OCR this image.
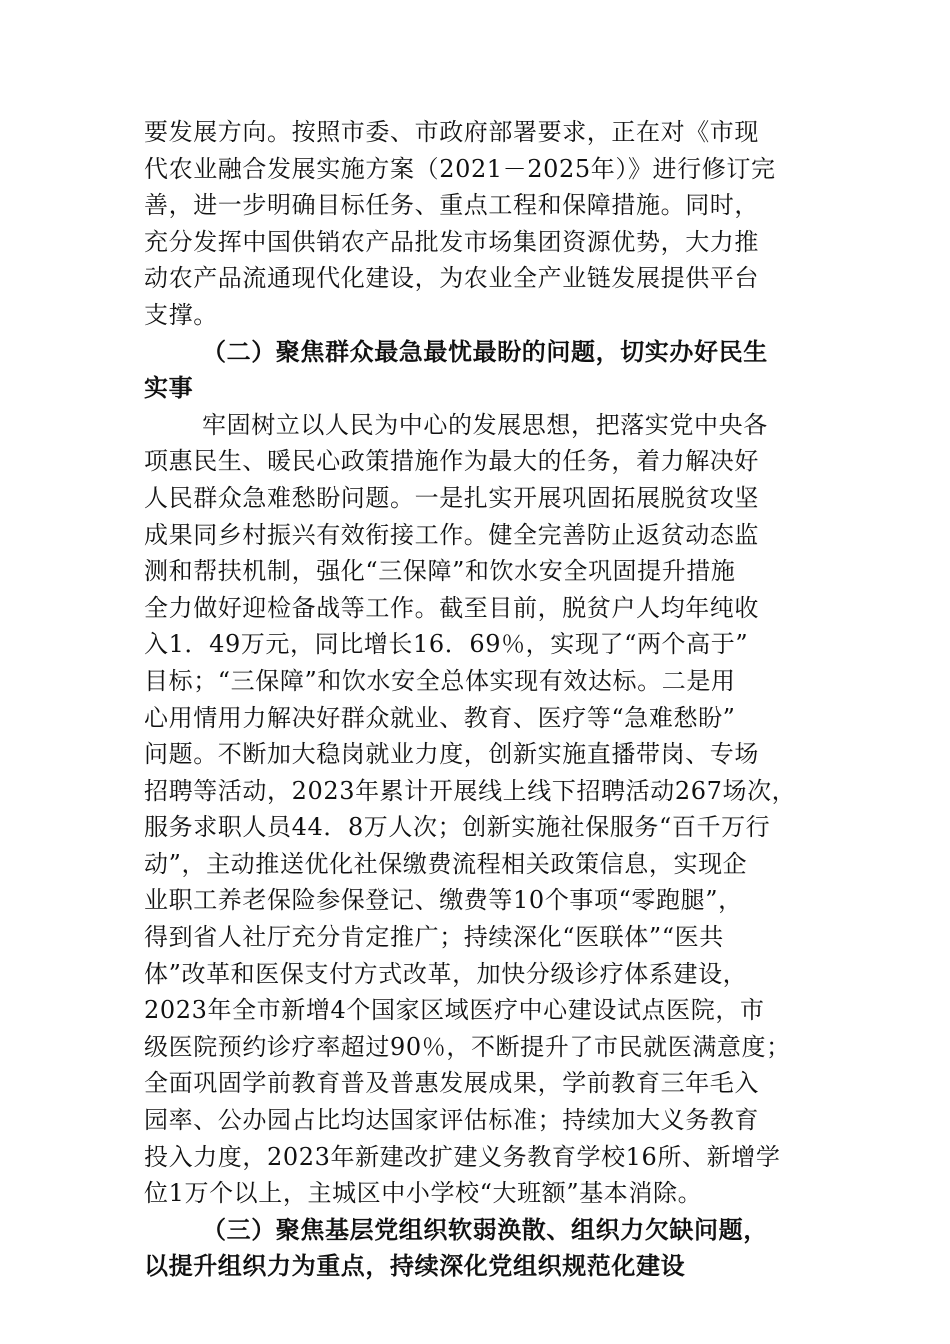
要发展方向。按照市委、市政府部署要求，正在对《市现
代农业融合发展实施方案（2021－2025年）》进行修订完
善，进一步明确目标任务、重点工程和保障措施。同时，
充分发挥中国供销农产品批发市场集团资源优势，大力推
动农产品流通现代化建设，为农业全产业链发展提供平台
支撑。
（二）聚焦群众最急最忧最盼的问题，切实办好民生
实事
牢固树立以人民为中心的发展思想，把落实党中央各
项惠民生、暖民心政策措施作为最大的任务，着力解决好
人民群众急难愁盼问题。一是扎实开展巩固拓展脱贫攻坚
成果同乡村振兴有效衔接工作。健全完善防止返贫动态监
测和帮扶机制，强化“三保障”和饮水安全巩固提升措施
全力做好迎检备战等工作。截至目前，脱贫户人均年纯收
入1．49万元，同比增长16．69％，实现了“两个高于”
目标；“三保障”和饮水安全总体实现有效达标。二是用
心用情用力解决好群众就业、教育、医疗等“急难愁盼”
问题。不断加大稳岗就业力度，创新实施直播带岗、专场
招聘等活动，2023年累计开展线上线下招聘活动267场次，
服务求职人员44．8万人次；创新实施社保服务“百千万行
动”，主动推送优化社保缴费流程相关政策信息，实现企
业职工养老保险参保登记、缴费等10个事项“零跑腿”，
得到省人社厅充分肯定推广；持续深化“医联体”“医共
体”改革和医保支付方式改革，加快分级诊疗体系建设，
2023年全市新增4个国家区域医疗中心建设试点医院，市
级医院预约诊疗率超过90％，不断提升了市民就医满意度；
全面巩固学前教育普及普惠发展成果，学前教育三年毛入
园率、公办园占比均达国家评估标准；持续加大义务教育
投入力度，2023年新建改扩建义务教育学校16所、新增学
位1万个以上，主城区中小学校“大班额”基本消除。
（三）聚焦基层党组织软弱涣散、组织力欠缺问题，
以提升组织力为重点，持续深化党组织规范化建设
